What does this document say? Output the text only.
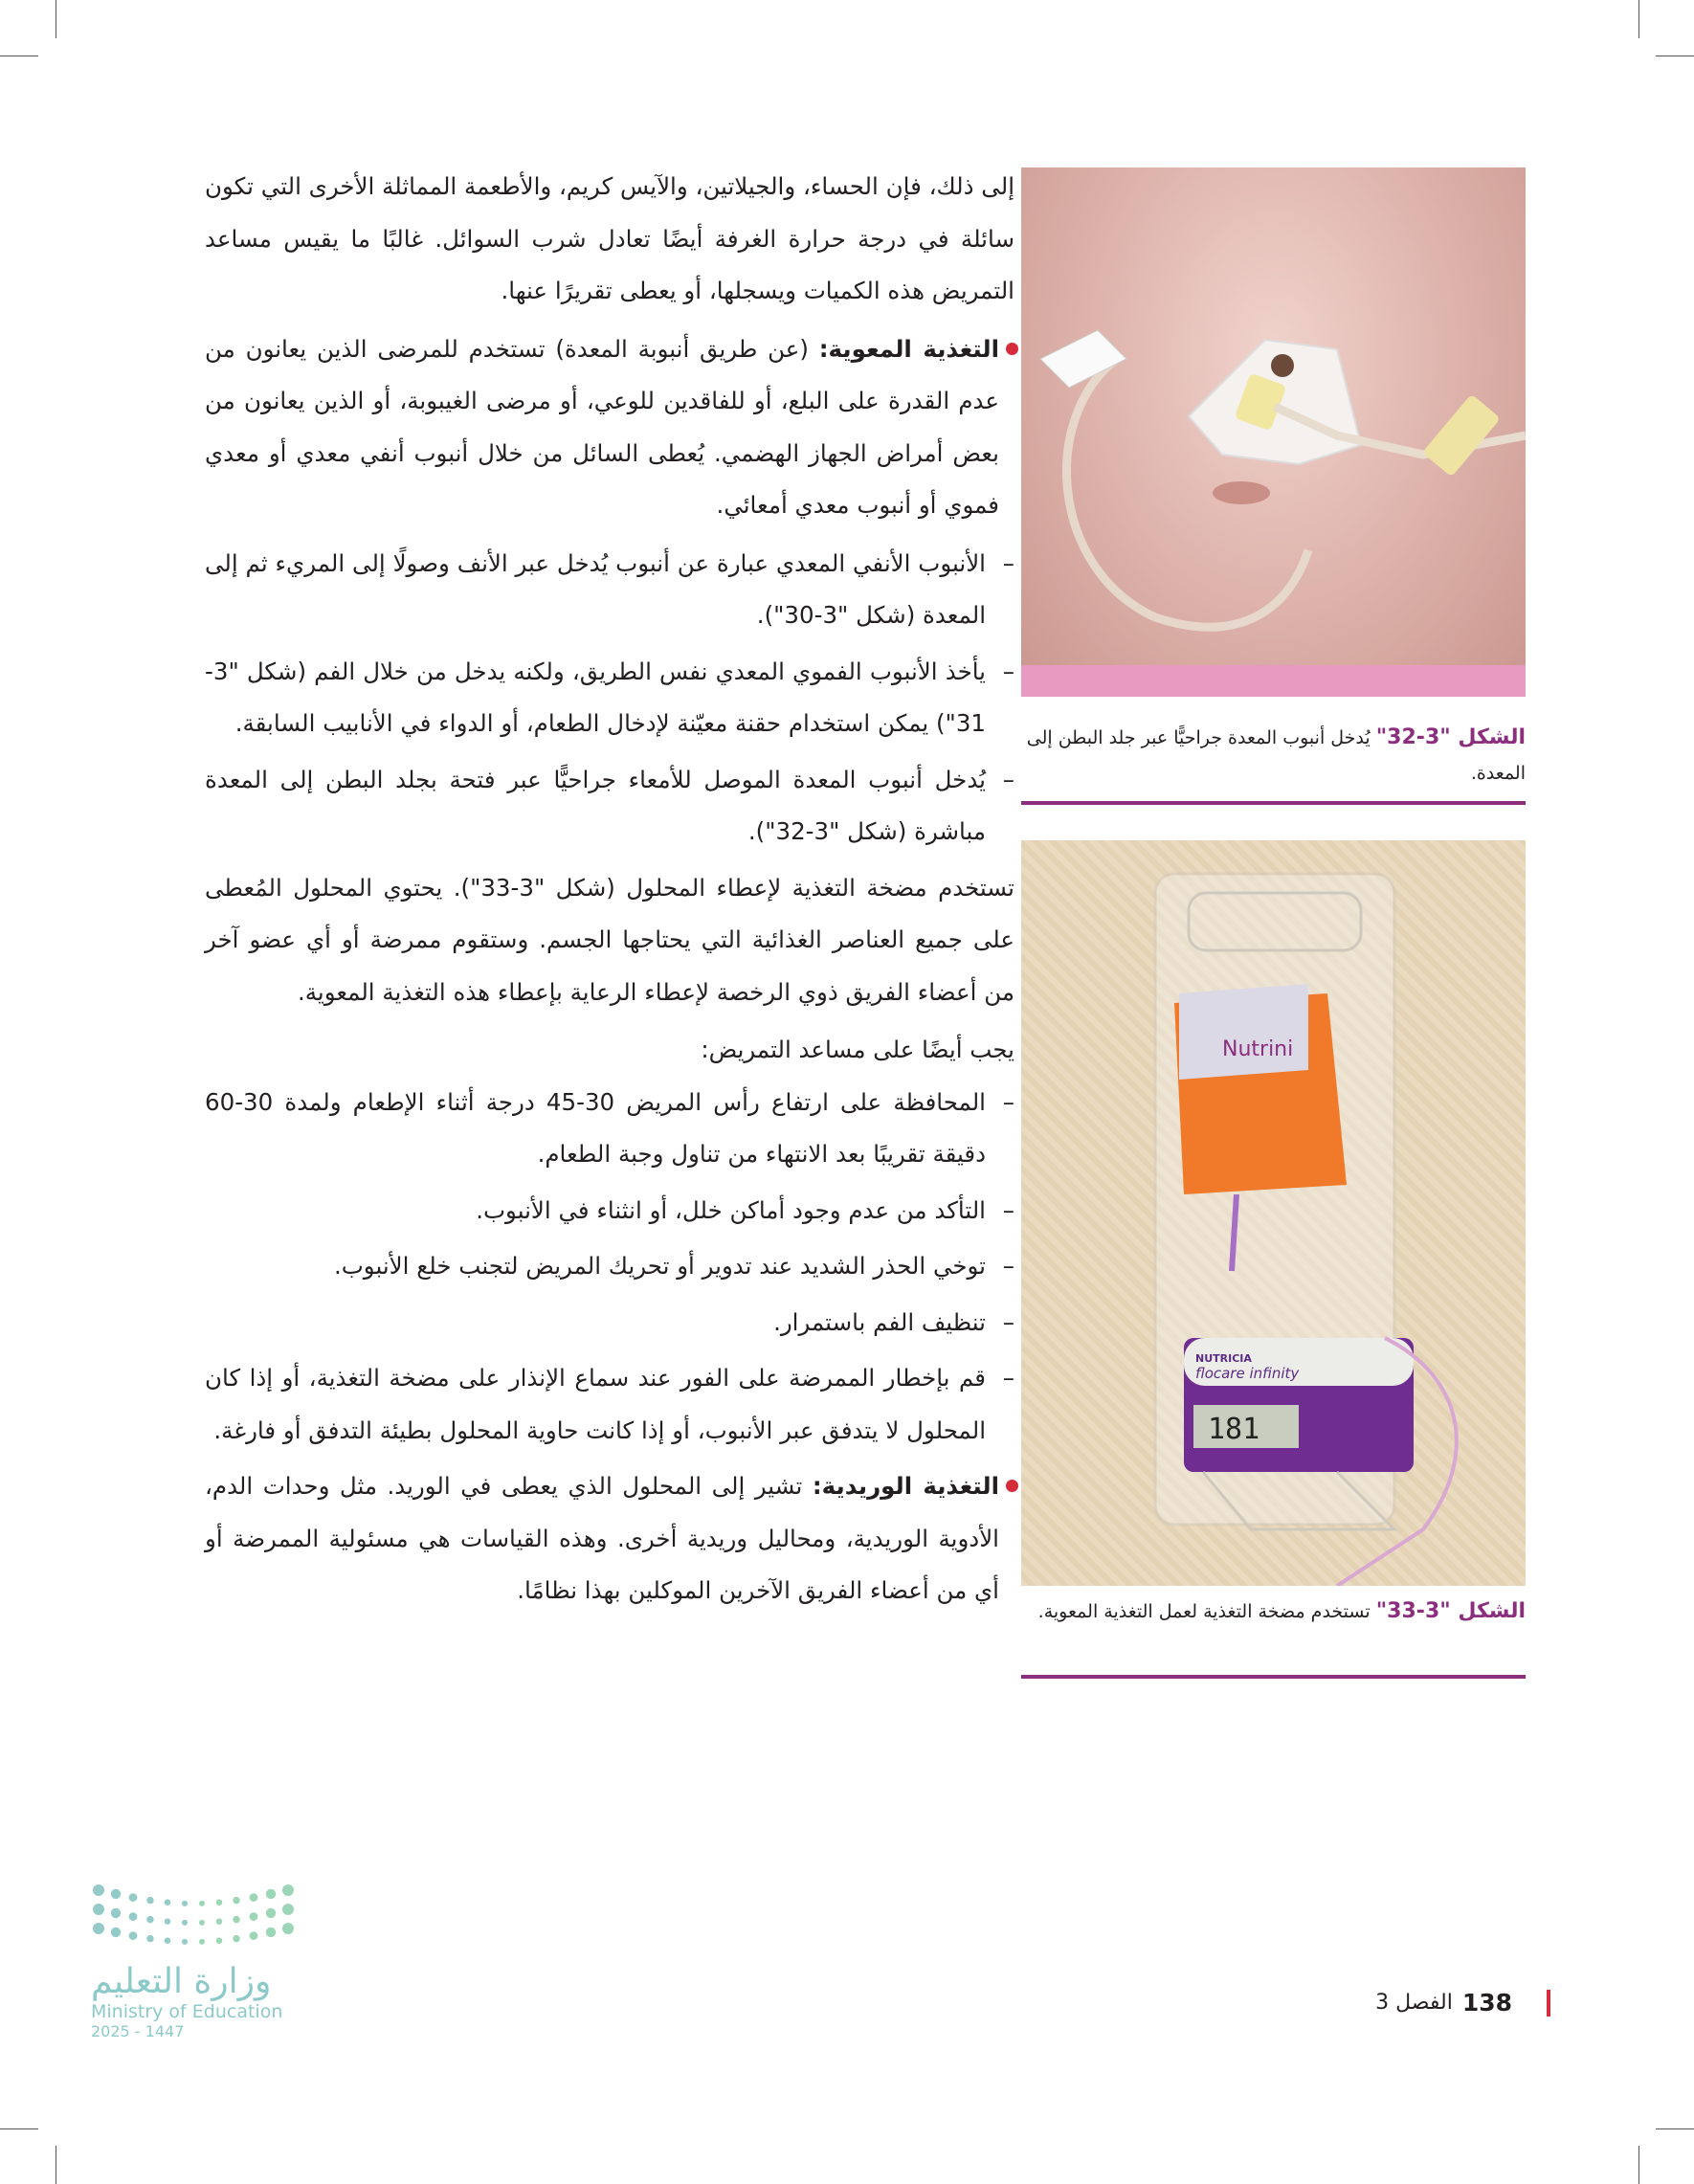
إلى ذلك، فإن الحساء، والجيلاتين، والآيس كريم، والأطعمة المماثلة الأخرى التي تكون سائلة في درجة حرارة الغرفة أيضًا تعادل شرب السوائل. غالبًا ما يقيس مساعد التمريض هذه الكميات ويسجلها، أو يعطى تقريرًا عنها.

التغذية المعوية: (عن طريق أنبوبة المعدة) تستخدم للمرضى الذين يعانون من عدم القدرة على البلع، أو للفاقدين للوعي، أو مرضى الغيبوبة، أو الذين يعانون من بعض أمراض الجهاز الهضمي. يُعطى السائل من خلال أنبوب أنفي معدي أو معدي فموي أو أنبوب معدي أمعائي.

–
الأنبوب الأنفي المعدي عبارة عن أنبوب يُدخل عبر الأنف وصولًا إلى المريء ثم إلى المعدة (شكل "3-30").
–
يأخذ الأنبوب الفموي المعدي نفس الطريق، ولكنه يدخل من خلال الفم (شكل "3-31") يمكن استخدام حقنة معيّنة لإدخال الطعام، أو الدواء في الأنابيب السابقة.
–
يُدخل أنبوب المعدة الموصل للأمعاء جراحيًّا عبر فتحة بجلد البطن إلى المعدة مباشرة (شكل "3-32").

تستخدم مضخة التغذية لإعطاء المحلول (شكل "3-33"). يحتوي المحلول المُعطى على جميع العناصر الغذائية التي يحتاجها الجسم. وستقوم ممرضة أو أي عضو آخر من أعضاء الفريق ذوي الرخصة لإعطاء الرعاية بإعطاء هذه التغذية المعوية.

يجب أيضًا على مساعد التمريض:

–
المحافظة على ارتفاع رأس المريض 30-45 درجة أثناء الإطعام ولمدة 30-60 دقيقة تقريبًا بعد الانتهاء من تناول وجبة الطعام.
–
التأكد من عدم وجود أماكن خلل، أو انثناء في الأنبوب.
–
توخي الحذر الشديد عند تدوير أو تحريك المريض لتجنب خلع الأنبوب.
–
تنظيف الفم باستمرار.
–
قم بإخطار الممرضة على الفور عند سماع الإنذار على مضخة التغذية، أو إذا كان المحلول لا يتدفق عبر الأنبوب، أو إذا كانت حاوية المحلول بطيئة التدفق أو فارغة.

التغذية الوريدية: تشير إلى المحلول الذي يعطى في الوريد. مثل وحدات الدم، الأدوية الوريدية، ومحاليل وريدية أخرى. وهذه القياسات هي مسئولية الممرضة أو أي من أعضاء الفريق الآخرين الموكلين بهذا نظامًا.

الشكل "3-32" يُدخل أنبوب المعدة جراحيًّا عبر جلد البطن إلى المعدة.
Nutrini
NUTRICIA
flocare infinity
181
الشكل "3-33" تستخدم مضخة التغذية لعمل التغذية المعوية.
138
الفصل 3
وزارة التعليم
Ministry of Education
2025 - 1447
